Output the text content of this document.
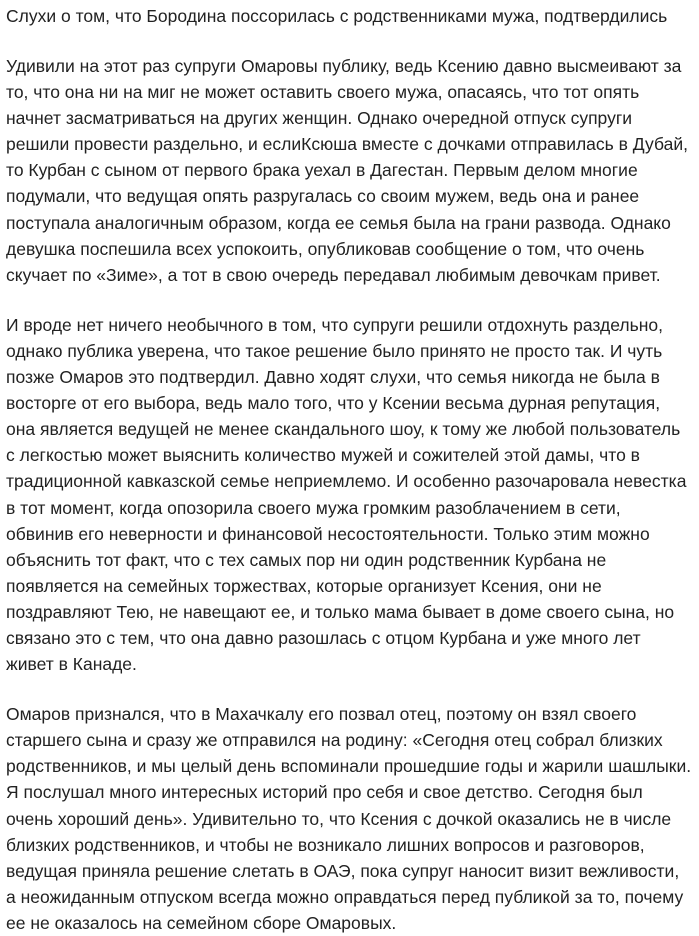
Слухи о том, что Бородина поссорилась с родственниками мужа, подтвердились

Удивили на этот раз супруги Омаровы публику, ведь Ксению давно высмеивают за то, что она ни на миг не может оставить своего мужа, опасаясь, что тот опять начнет засматриваться на других женщин. Однако очередной отпуск супруги решили провести раздельно, и еслиКсюша вместе с дочками отправилась в Дубай, то Курбан с сыном от первого брака уехал в Дагестан. Первым делом многие подумали, что ведущая опять разругалась со своим мужем, ведь она и ранее поступала аналогичным образом, когда ее семья была на грани развода. Однако девушка поспешила всех успокоить, опубликовав сообщение о том, что очень скучает по «Зиме», а тот в свою очередь передавал любимым девочкам привет.

И вроде нет ничего необычного в том, что супруги решили отдохнуть раздельно, однако публика уверена, что такое решение было принято не просто так. И чуть позже Омаров это подтвердил. Давно ходят слухи, что семья никогда не была в восторге от его выбора, ведь мало того, что у Ксении весьма дурная репутация, она является ведущей не менее скандального шоу, к тому же любой пользователь с легкостью может выяснить количество мужей и сожителей этой дамы, что в традиционной кавказской семье неприемлемо. И особенно разочаровала невестка в тот момент, когда опозорила своего мужа громким разоблачением в сети, обвинив его неверности и финансовой несостоятельности. Только этим можно объяснить тот факт, что с тех самых пор ни один родственник Курбана не появляется на семейных торжествах, которые организует Ксения, они не поздравляют Тею, не навещают ее, и только мама бывает в доме своего сына, но связано это с тем, что она давно разошлась с отцом Курбана и уже много лет живет в Канаде.

Омаров признался, что в Махачкалу его позвал отец, поэтому он взял своего старшего сына и сразу же отправился на родину: «Сегодня отец собрал близких родственников, и мы целый день вспоминали прошедшие годы и жарили шашлыки. Я послушал много интересных историй про себя и свое детство. Сегодня был очень хороший день». Удивительно то, что Ксения с дочкой оказались не в числе близких родственников, и чтобы не возникало лишних вопросов и разговоров, ведущая приняла решение слетать в ОАЭ, пока супруг наносит визит вежливости, а неожиданным отпуском всегда можно оправдаться перед публикой за то, почему ее не оказалось на семейном сборе Омаровых.
